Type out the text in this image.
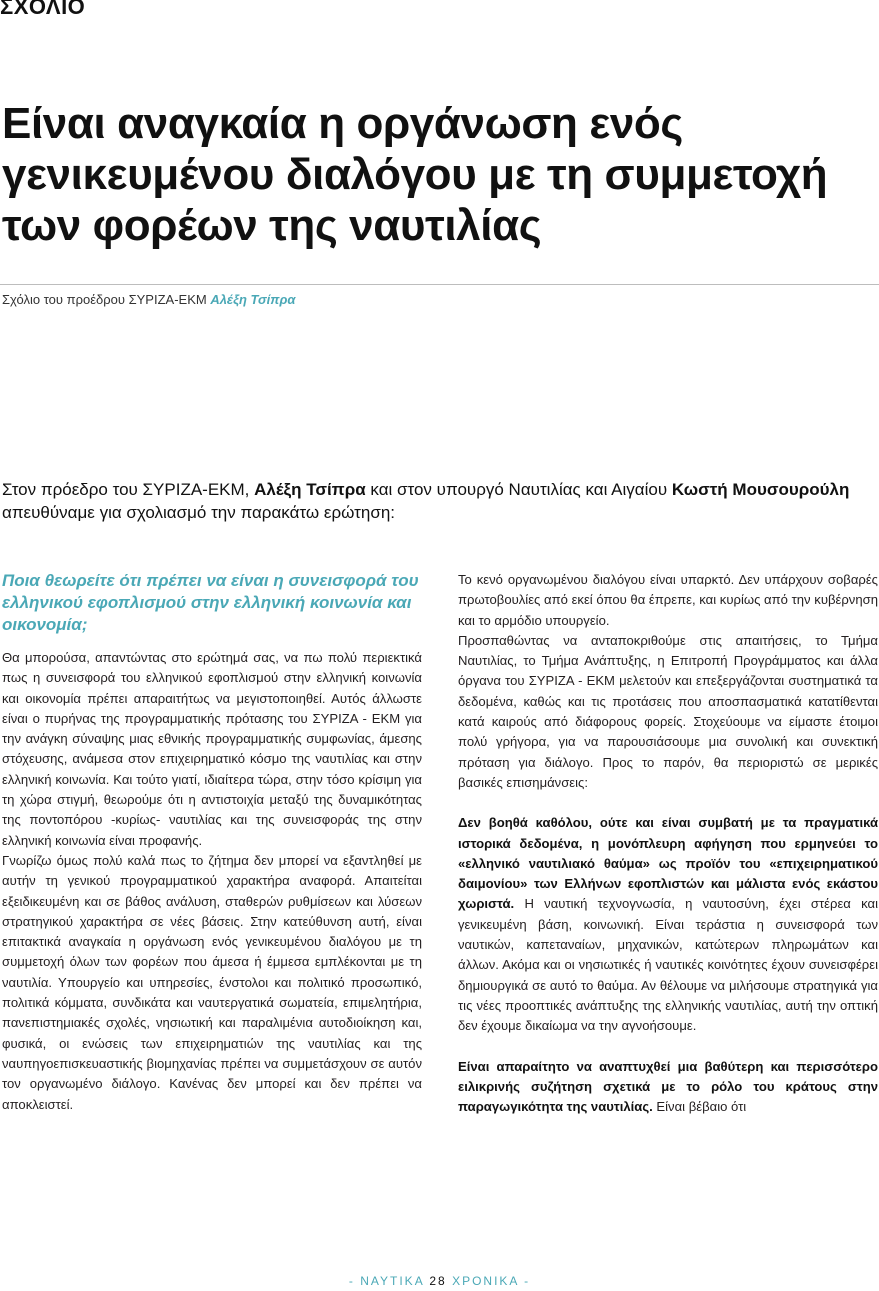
ΣΧΟΛΙΟ
Είναι αναγκαία η οργάνωση ενός γενικευμένου διαλόγου με τη συμμετοχή των φορέων της ναυτιλίας
Σχόλιο του προέδρου ΣΥΡΙΖΑ-ΕΚΜ Αλέξη Τσίπρα
Στον πρόεδρο του ΣΥΡΙΖΑ-ΕΚΜ, Αλέξη Τσίπρα και στον υπουργό Ναυτιλίας και Αιγαίου Κωστή Μουσουρούλη απευθύναμε για σχολιασμό την παρακάτω ερώτηση:

Ποια θεωρείτε ότι πρέπει να είναι η συνεισφορά του ελληνικού εφοπλισμού στην ελληνική κοινωνία και οικονομία;

Θα μπορούσα, απαντώντας στο ερώτημά σας, να πω πολύ περιεκτικά πως η συνεισφορά του ελληνικού εφοπλισμού στην ελληνική κοινωνία και οικονομία πρέπει απαραιτήτως να μεγιστοποιηθεί. Αυτός άλλωστε είναι ο πυρήνας της προγραμματικής πρότασης του ΣΥΡΙΖΑ - ΕΚΜ για την ανάγκη σύναψης μιας εθνικής προγραμματικής συμφωνίας, άμεσης στόχευσης, ανάμεσα στον επιχειρηματικό κόσμο της ναυτιλίας και στην ελληνική κοινωνία. Και τούτο γιατί, ιδιαίτερα τώρα, στην τόσο κρίσιμη για τη χώρα στιγμή, θεωρούμε ότι η αντιστοιχία μεταξύ της δυναμικότητας της ποντοπόρου -κυρίως- ναυτιλίας και της συνεισφοράς της στην ελληνική κοινωνία είναι προφανής.

Γνωρίζω όμως πολύ καλά πως το ζήτημα δεν μπορεί να εξαντληθεί με αυτήν τη γενικού προγραμματικού χαρακτήρα αναφορά. Απαιτείται εξειδικευμένη και σε βάθος ανάλυση, σταθερών ρυθμίσεων και λύσεων στρατηγικού χαρακτήρα σε νέες βάσεις. Στην κατεύθυνση αυτή, είναι επιτακτικά αναγκαία η οργάνωση ενός γενικευμένου διαλόγου με τη συμμετοχή όλων των φορέων που άμεσα ή έμμεσα εμπλέκονται με τη ναυτιλία. Υπουργείο και υπηρεσίες, ένστολοι και πολιτικό προσωπικό, πολιτικά κόμματα, συνδικάτα και ναυτεργατικά σωματεία, επιμελητήρια, πανεπιστημιακές σχολές, νησιωτική και παραλιμένια αυτοδιοίκηση και, φυσικά, οι ενώσεις των επιχειρηματιών της ναυτιλίας και της ναυπηγοεπισκευαστικής βιομηχανίας πρέπει να συμμετάσχουν σε αυτόν τον οργανωμένο διάλογο. Κανένας δεν μπορεί και δεν πρέπει να αποκλειστεί.

Το κενό οργανωμένου διαλόγου είναι υπαρκτό. Δεν υπάρχουν σοβαρές πρωτοβουλίες από εκεί όπου θα έπρεπε, και κυρίως από την κυβέρνηση και το αρμόδιο υπουργείο.

Προσπαθώντας να ανταποκριθούμε στις απαιτήσεις, το Τμήμα Ναυτιλίας, το Τμήμα Ανάπτυξης, η Επιτροπή Προγράμματος και άλλα όργανα του ΣΥΡΙΖΑ - ΕΚΜ μελετούν και επεξεργάζονται συστηματικά τα δεδομένα, καθώς και τις προτάσεις που αποσπασματικά κατατίθενται κατά καιρούς από διάφορους φορείς. Στοχεύουμε να είμαστε έτοιμοι πολύ γρήγορα, για να παρουσιάσουμε μια συνολική και συνεκτική πρόταση για διάλογο. Προς το παρόν, θα περιοριστώ σε μερικές βασικές επισημάνσεις:

Δεν βοηθά καθόλου, ούτε και είναι συμβατή με τα πραγματικά ιστορικά δεδομένα, η μονόπλευρη αφήγηση που ερμηνεύει το «ελληνικό ναυτιλιακό θαύμα» ως προϊόν του «επιχειρηματικού δαιμονίου» των Ελλήνων εφοπλιστών και μάλιστα ενός εκάστου χωριστά. Η ναυτική τεχνογνωσία, η ναυτοσύνη, έχει στέρεα και γενικευμένη βάση, κοινωνική. Είναι τεράστια η συνεισφορά των ναυτικών, καπεταναίων, μηχανικών, κατώτερων πληρωμάτων και άλλων. Ακόμα και οι νησιωτικές ή ναυτικές κοινότητες έχουν συνεισφέρει δημιουργικά σε αυτό το θαύμα. Αν θέλουμε να μιλήσουμε στρατηγικά για τις νέες προοπτικές ανάπτυξης της ελληνικής ναυτιλίας, αυτή την οπτική δεν έχουμε δικαίωμα να την αγνοήσουμε.

Είναι απαραίτητο να αναπτυχθεί μια βαθύτερη και περισσότερο ειλικρινής συζήτηση σχετικά με το ρόλο του κράτους στην παραγωγικότητα της ναυτιλίας. Είναι βέβαιο ότι

- ΝΑΥΤΙΚΑ 28 ΧΡΟΝΙΚΑ -
